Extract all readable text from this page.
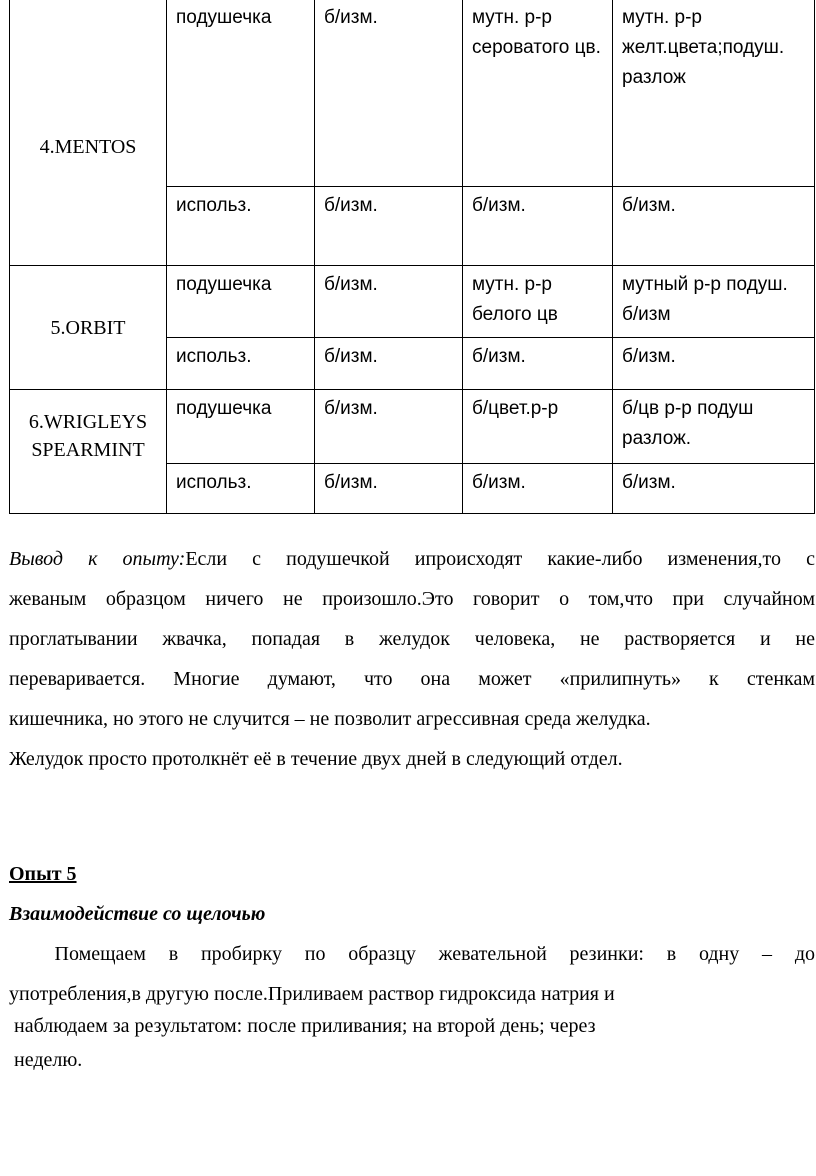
4.MENTOS	подушечка	б/изм.	мутн. р-р сероватого цв.	мутн. р-р желт.цвета;подуш. разлож
	использ.	б/изм.	б/изм.	б/изм.
5.ORBIT	подушечка	б/изм.	мутн. р-р белого цв	мутный р-р подуш. б/изм
	использ.	б/изм.	б/изм.	б/изм.
6.WRIGLEYS SPEARMINT	подушечка	б/изм.	б/цвет.р-р	б/цв р-р подуш разлож.
	использ.	б/изм.	б/изм.	б/изм.
Вывод к опыту:Если с подушечкой ипроисходят какие-либо изменения,то с
жеваным образцом ничего не произошло.Это говорит о том,что при случайном
проглатывании жвачка, попадая в желудок человека, не растворяется и не
переваривается. Многие думают, что она может «прилипнуть» к стенкам
кишечника, но этого не случится – не позволит агрессивная среда желудка.
Желудок просто протолкнёт её в течение двух дней в следующий отдел.
Опыт 5
Взаимодействие со щелочью
Помещаем в пробирку по образцу жевательной резинки: в одну – до
употребления,в другую после.Приливаем раствор гидроксида натрия и
наблюдаем за результатом: после приливания; на второй день; через
неделю.
